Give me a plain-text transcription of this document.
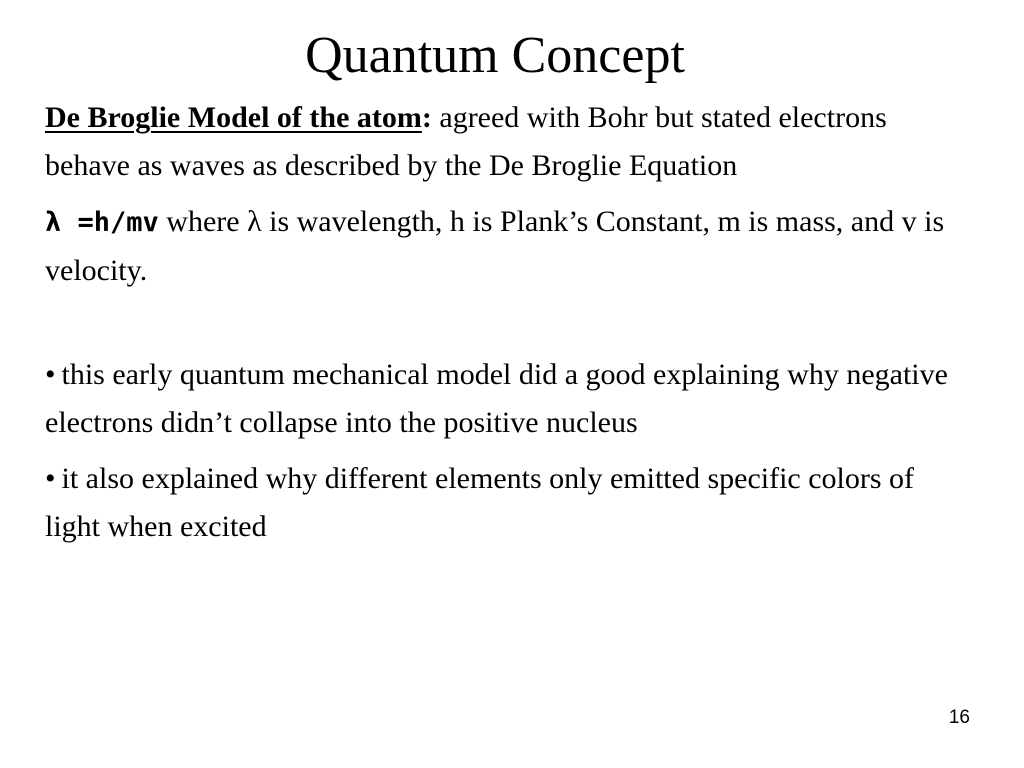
Quantum Concept

De Broglie Model of the atom: agreed with Bohr but stated electrons behave as waves as described by the De Broglie Equation

λ =h/mv where λ is wavelength, h is Plank’s Constant, m is mass, and v is velocity.

• this early quantum mechanical model did a good explaining why negative electrons didn’t collapse into the positive nucleus

• it also explained why different elements only emitted specific colors of light when excited

16
